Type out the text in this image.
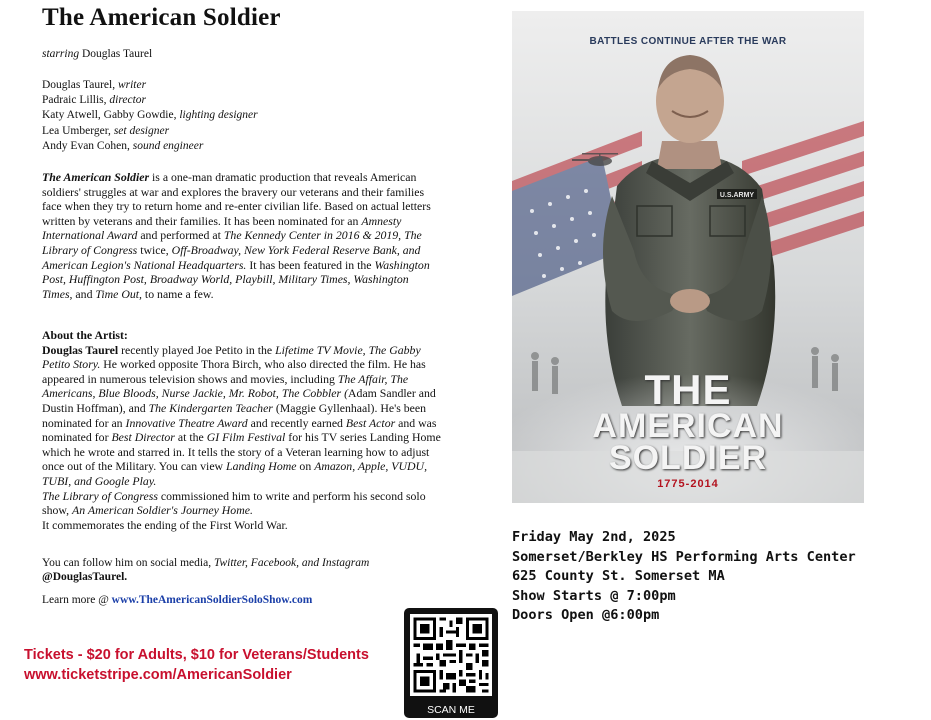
The American Soldier
starring Douglas Taurel
Douglas Taurel, writer
Padraic Lillis, director
Katy Atwell, Gabby Gowdie, lighting designer
Lea Umberger, set designer
Andy Evan Cohen, sound engineer
The American Soldier is a one-man dramatic production that reveals American soldiers' struggles at war and explores the bravery our veterans and their families face when they try to return home and re-enter civilian life. Based on actual letters written by veterans and their families. It has been nominated for an Amnesty International Award and performed at The Kennedy Center in 2016 & 2019, The Library of Congress twice, Off-Broadway, New York Federal Reserve Bank, and American Legion's National Headquarters. It has been featured in the Washington Post, Huffington Post, Broadway World, Playbill, Military Times, Washington Times, and Time Out, to name a few.
About the Artist:
Douglas Taurel recently played Joe Petito in the Lifetime TV Movie, The Gabby Petito Story. He worked opposite Thora Birch, who also directed the film. He has appeared in numerous television shows and movies, including The Affair, The Americans, Blue Bloods, Nurse Jackie, Mr. Robot, The Cobbler (Adam Sandler and Dustin Hoffman), and The Kindergarten Teacher (Maggie Gyllenhaal). He's been nominated for an Innovative Theatre Award and recently earned Best Actor and was nominated for Best Director at the GI Film Festival for his TV series Landing Home which he wrote and starred in. It tells the story of a Veteran learning how to adjust once out of the Military. You can view Landing Home on Amazon, Apple, VUDU, TUBI, and Google Play.
The Library of Congress commissioned him to write and perform his second solo show, An American Soldier's Journey Home.
It commemorates the ending of the First World War.
You can follow him on social media, Twitter, Facebook, and Instagram
@DouglasTaurel.
Learn more @ www.TheAmericanSoldierSoloShow.com
Tickets - $20 for Adults, $10 for Veterans/Students
www.ticketstripe.com/AmericanSoldier
SCAN ME
U.S.ARMY
BATTLES CONTINUE AFTER THE WAR
THE
AMERICAN
SOLDIER
1775-2014
Friday May 2nd, 2025
Somerset/Berkley HS Performing Arts Center
625 County St. Somerset MA
Show Starts @ 7:00pm
Doors Open @6:00pm
